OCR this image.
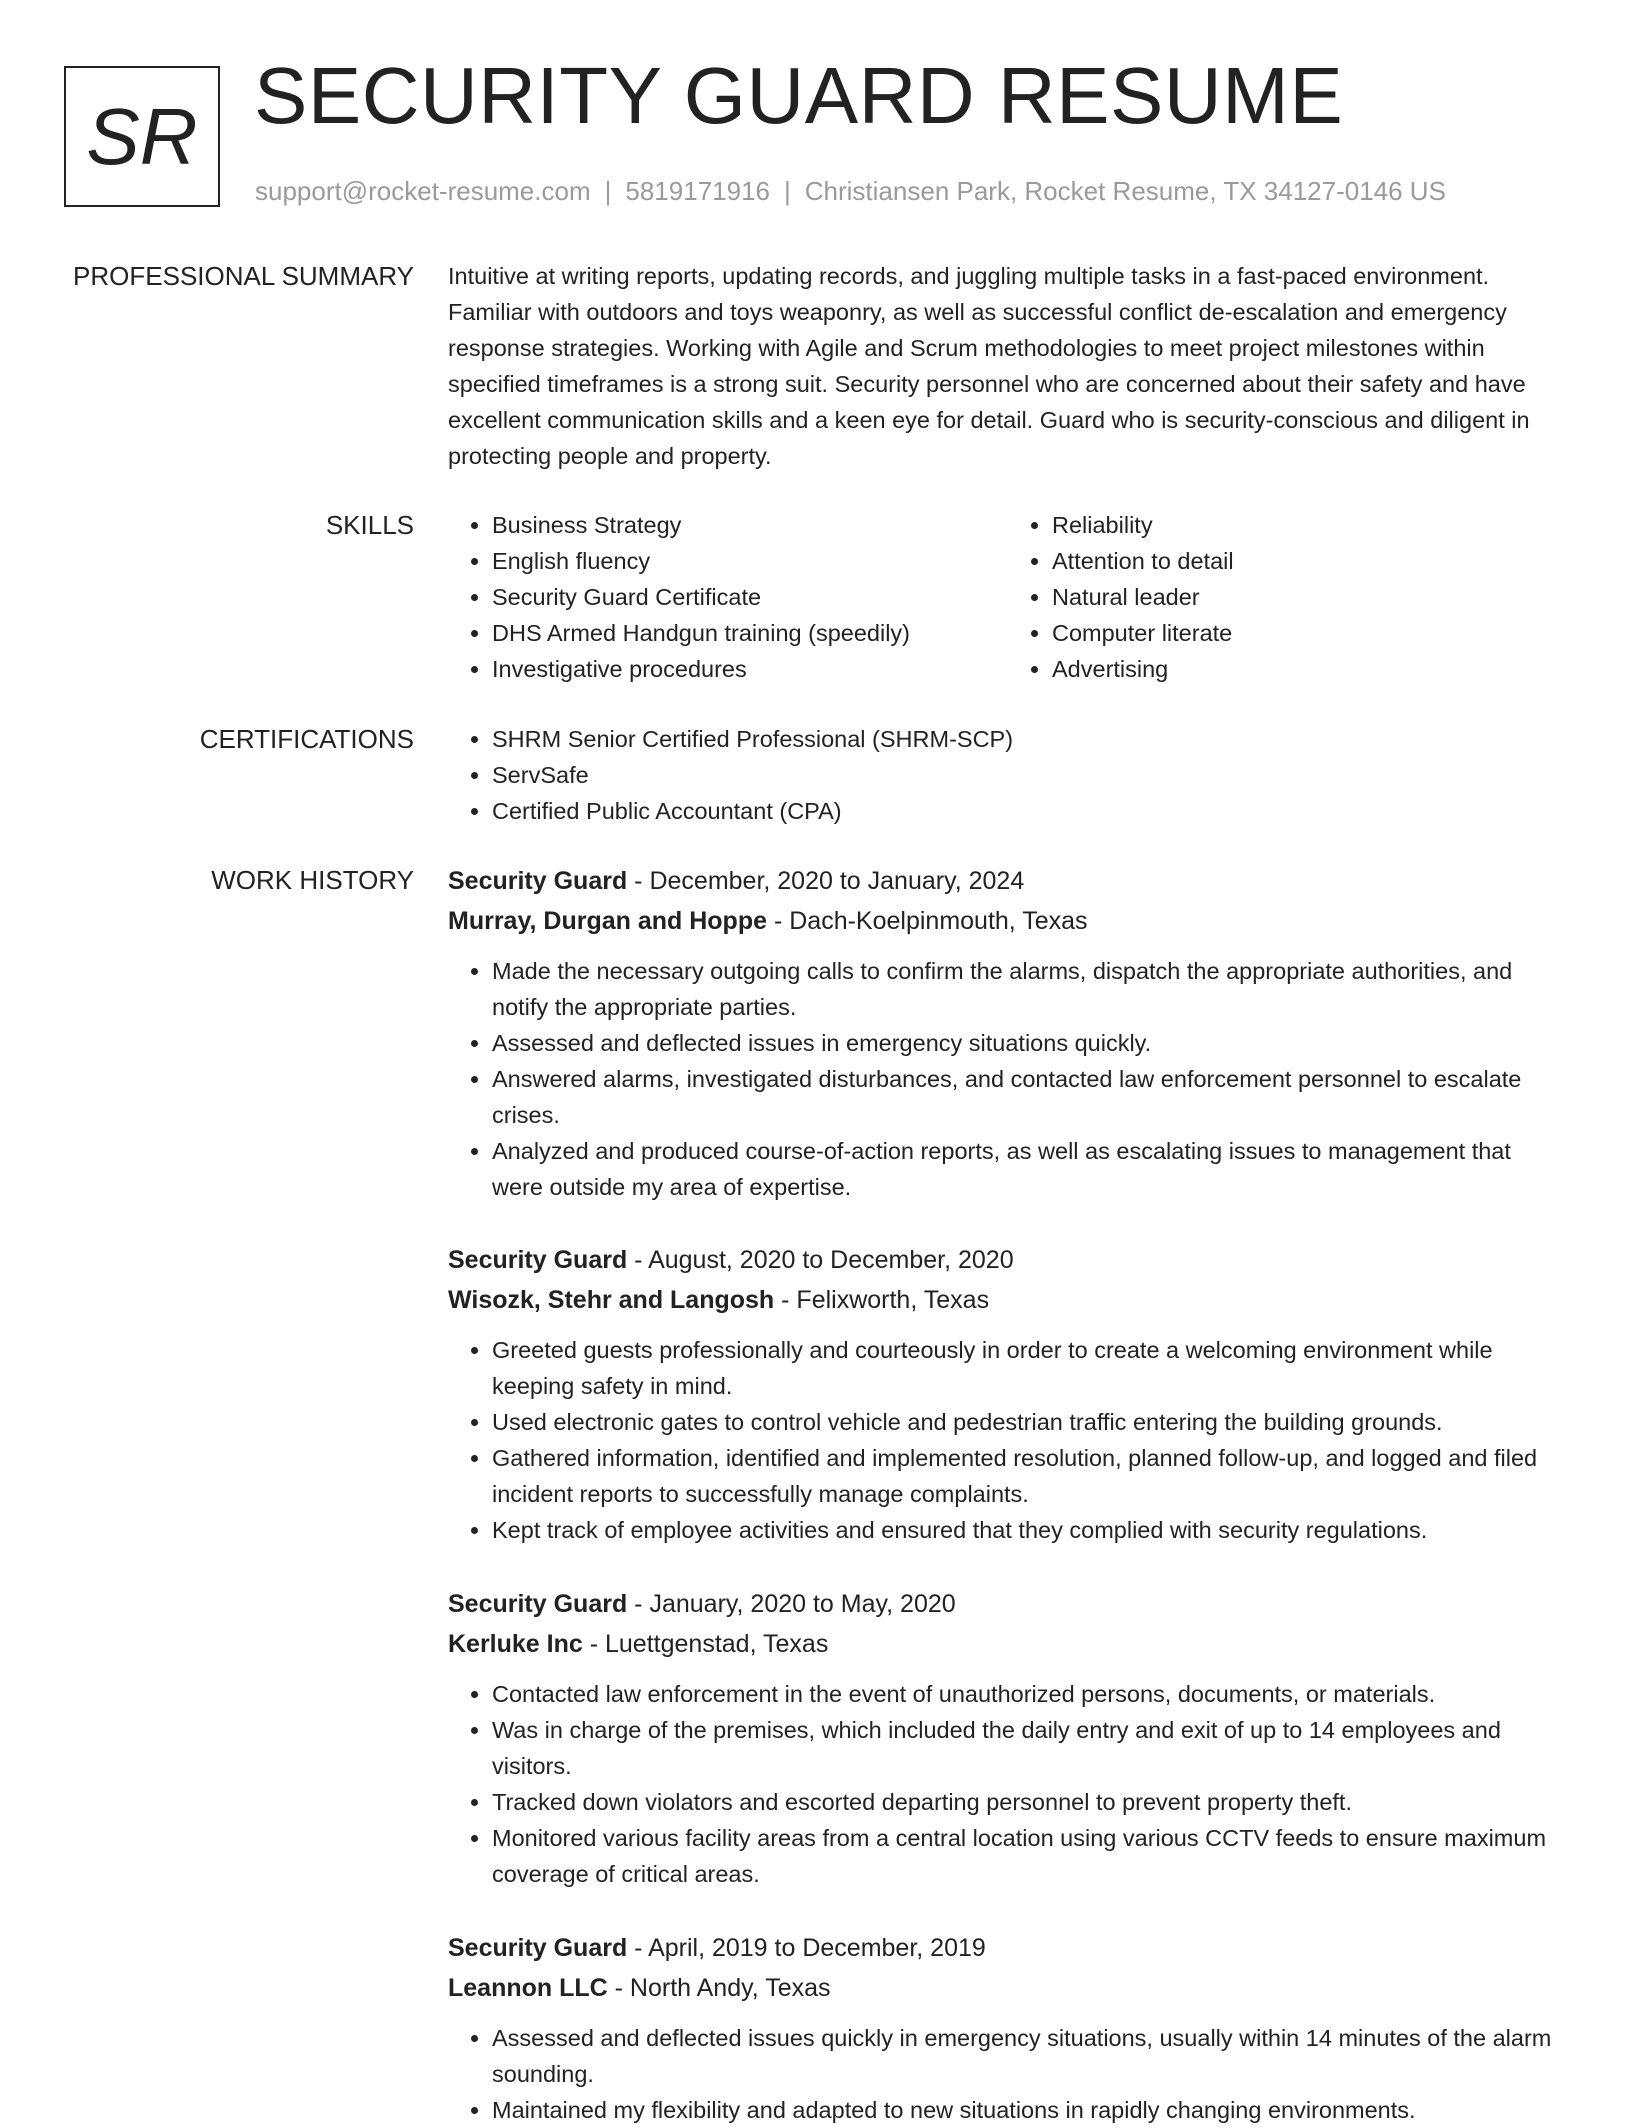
SR SECURITY GUARD RESUME
support@rocket-resume.com | 5819171916 | Christiansen Park, Rocket Resume, TX 34127-0146 US
PROFESSIONAL SUMMARY Intuitive at writing reports, updating records, and juggling multiple tasks in a fast-paced environment. Familiar with outdoors and toys weaponry, as well as successful conflict de-escalation and emergency response strategies. Working with Agile and Scrum methodologies to meet project milestones within specified timeframes is a strong suit. Security personnel who are concerned about their safety and have excellent communication skills and a keen eye for detail. Guard who is security-conscious and diligent in protecting people and property.

SKILLS	• Business Strategy
• English fluency
• Security Guard Certificate
• DHS Armed Handgun training (speedily)
• Investigative procedures
• Reliability
• Attention to detail
• Natural leader
• Computer literate
• Advertising
CERTIFICATIONS	• SHRM Senior Certified Professional (SHRM-SCP)
• ServSafe
• Certified Public Accountant (CPA)
WORK HISTORY Security Guard - December, 2020 to January, 2024
Murray, Durgan and Hoppe - Dach-Koelpinmouth, Texas
• Made the necessary outgoing calls to confirm the alarms, dispatch the appropriate authorities, and notify the appropriate parties.
• Assessed and deflected issues in emergency situations quickly.
• Answered alarms, investigated disturbances, and contacted law enforcement personnel to escalate crises.
• Analyzed and produced course-of-action reports, as well as escalating issues to management that were outside my area of expertise.
Security Guard - August, 2020 to December, 2020
Wisozk, Stehr and Langosh - Felixworth, Texas
• Greeted guests professionally and courteously in order to create a welcoming environment while keeping safety in mind.
• Used electronic gates to control vehicle and pedestrian traffic entering the building grounds.
• Gathered information, identified and implemented resolution, planned follow-up, and logged and filed incident reports to successfully manage complaints.
• Kept track of employee activities and ensured that they complied with security regulations.
Security Guard - January, 2020 to May, 2020
Kerluke Inc - Luettgenstad, Texas
• Contacted law enforcement in the event of unauthorized persons, documents, or materials.
• Was in charge of the premises, which included the daily entry and exit of up to 14 employees and visitors.
• Tracked down violators and escorted departing personnel to prevent property theft.
• Monitored various facility areas from a central location using various CCTV feeds to ensure maximum coverage of critical areas.
Security Guard - April, 2019 to December, 2019
Leannon LLC - North Andy, Texas
• Assessed and deflected issues quickly in emergency situations, usually within 14 minutes of the alarm sounding.
• Maintained my flexibility and adapted to new situations in rapidly changing environments.
